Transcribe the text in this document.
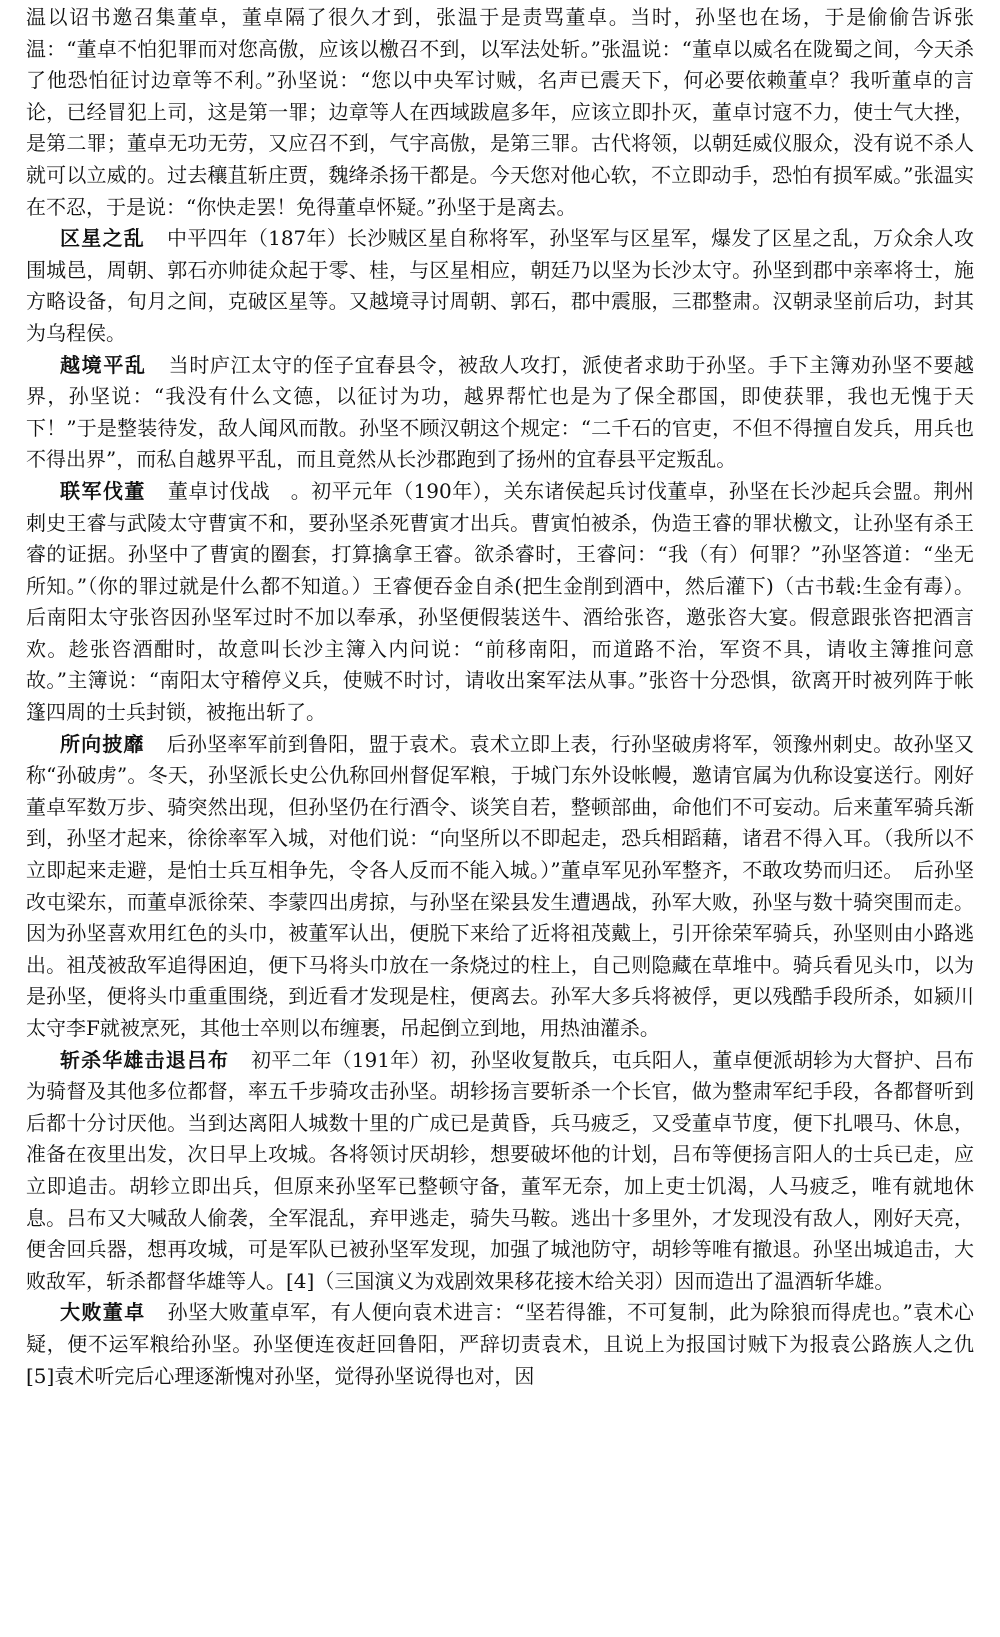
温以诏书邀召集董卓，董卓隔了很久才到，张温于是责骂董卓。当时，孙坚也在场，于是偷偷告诉张温：“董卓不怕犯罪而对您高傲，应该以檄召不到，以军法处斩。”张温说：“董卓以威名在陇蜀之间，今天杀了他恐怕征讨边章等不利。”孙坚说：“您以中央军讨贼，名声已震天下，何必要依赖董卓？我听董卓的言论，已经冒犯上司，这是第一罪；边章等人在西域跋扈多年，应该立即扑灭，董卓讨寇不力，使士气大挫，是第二罪；董卓无功无劳，又应召不到，气宇高傲，是第三罪。古代将领，以朝廷威仪服众，没有说不杀人就可以立威的。过去穰苴斩庄贾，魏绛杀扬干都是。今天您对他心软，不立即动手，恐怕有损军威。”张温实在不忍，于是说：“你快走罢！免得董卓怀疑。”孙坚于是离去。

区星之乱 中平四年（187年）长沙贼区星自称将军，孙坚军与区星军，爆发了区星之乱，万众余人攻围城邑，周朝、郭石亦帅徒众起于零、桂，与区星相应，朝廷乃以坚为长沙太守。孙坚到郡中亲率将士，施方略设备，旬月之间，克破区星等。又越境寻讨周朝、郭石，郡中震服，三郡整肃。汉朝录坚前后功，封其为乌程侯。

越境平乱 当时庐江太守的侄子宜春县令，被敌人攻打，派使者求助于孙坚。手下主簿劝孙坚不要越界，孙坚说：“我没有什么文德，以征讨为功，越界帮忙也是为了保全郡国，即使获罪，我也无愧于天下！”于是整装待发，敌人闻风而散。孙坚不顾汉朝这个规定：“二千石的官吏，不但不得擅自发兵，用兵也不得出界”，而私自越界平乱，而且竟然从长沙郡跑到了扬州的宜春县平定叛乱。

联军伐董 董卓讨伐战　。初平元年（190年），关东诸侯起兵讨伐董卓，孙坚在长沙起兵会盟。荆州刺史王睿与武陵太守曹寅不和，要孙坚杀死曹寅才出兵。曹寅怕被杀，伪造王睿的罪状檄文，让孙坚有杀王睿的证据。孙坚中了曹寅的圈套，打算擒拿王睿。欲杀睿时，王睿问：“我（有）何罪？”孙坚答道：“坐无所知。”（你的罪过就是什么都不知道。）王睿便吞金自杀(把生金削到酒中，然后灌下)（古书载:生金有毒）。后南阳太守张咨因孙坚军过时不加以奉承，孙坚便假装送牛、酒给张咨，邀张咨大宴。假意跟张咨把酒言欢。趁张咨酒酣时，故意叫长沙主簿入内问说：“前移南阳，而道路不治，军资不具，请收主簿推问意故。”主簿说：“南阳太守稽停义兵，使贼不时讨，请收出案军法从事。”张咨十分恐惧，欲离开时被列阵于帐篷四周的士兵封锁，被拖出斩了。

所向披靡 后孙坚率军前到鲁阳，盟于袁术。袁术立即上表，行孙坚破虏将军，领豫州刺史。故孙坚又称“孙破虏”。冬天，孙坚派长史公仇称回州督促军粮，于城门东外设帐幔，邀请官属为仇称设宴送行。刚好董卓军数万步、骑突然出现，但孙坚仍在行酒令、谈笑自若，整顿部曲，命他们不可妄动。后来董军骑兵渐到，孙坚才起来，徐徐率军入城，对他们说：“向坚所以不即起走，恐兵相蹈藉，诸君不得入耳。（我所以不立即起来走避，是怕士兵互相争先，令各人反而不能入城。）”董卓军见孙军整齐，不敢攻势而归还。　后孙坚改屯梁东，而董卓派徐荣、李蒙四出虏掠，与孙坚在梁县发生遭遇战，孙军大败，孙坚与数十骑突围而走。因为孙坚喜欢用红色的头巾，被董军认出，便脱下来给了近将祖茂戴上，引开徐荣军骑兵，孙坚则由小路逃出。祖茂被敌军追得困迫，便下马将头巾放在一条烧过的柱上，自己则隐藏在草堆中。骑兵看见头巾，以为是孙坚，便将头巾重重围绕，到近看才发现是柱，便离去。孙军大多兵将被俘，更以残酷手段所杀，如颍川太守李F就被烹死，其他士卒则以布缠裹，吊起倒立到地，用热油灌杀。

斩杀华雄击退吕布 初平二年（191年）初，孙坚收复散兵，屯兵阳人，董卓便派胡轸为大督护、吕布为骑督及其他多位都督，率五千步骑攻击孙坚。胡轸扬言要斩杀一个长官，做为整肃军纪手段，各都督听到后都十分讨厌他。当到达离阳人城数十里的广成已是黄昏，兵马疲乏，又受董卓节度，便下扎喂马、休息，准备在夜里出发，次日早上攻城。各将领讨厌胡轸，想要破坏他的计划，吕布等便扬言阳人的士兵已走，应立即追击。胡轸立即出兵，但原来孙坚军已整顿守备，董军无奈，加上吏士饥渴，人马疲乏，唯有就地休息。吕布又大喊敌人偷袭，全军混乱，弃甲逃走，骑失马鞍。逃出十多里外，才发现没有敌人，刚好天亮，便舍回兵器，想再攻城，可是军队已被孙坚军发现，加强了城池防守，胡轸等唯有撤退。孙坚出城追击，大败敌军，斩杀都督华雄等人。[4]（三国演义为戏剧效果移花接木给关羽）因而造出了温酒斩华雄。

大败董卓 孙坚大败董卓军，有人便向袁术进言：“坚若得雒，不可复制，此为除狼而得虎也。”袁术心疑，便不运军粮给孙坚。孙坚便连夜赶回鲁阳，严辞切责袁术，且说上为报国讨贼下为报袁公路族人之仇[5]袁术听完后心理逐渐愧对孙坚，觉得孙坚说得也对，因
